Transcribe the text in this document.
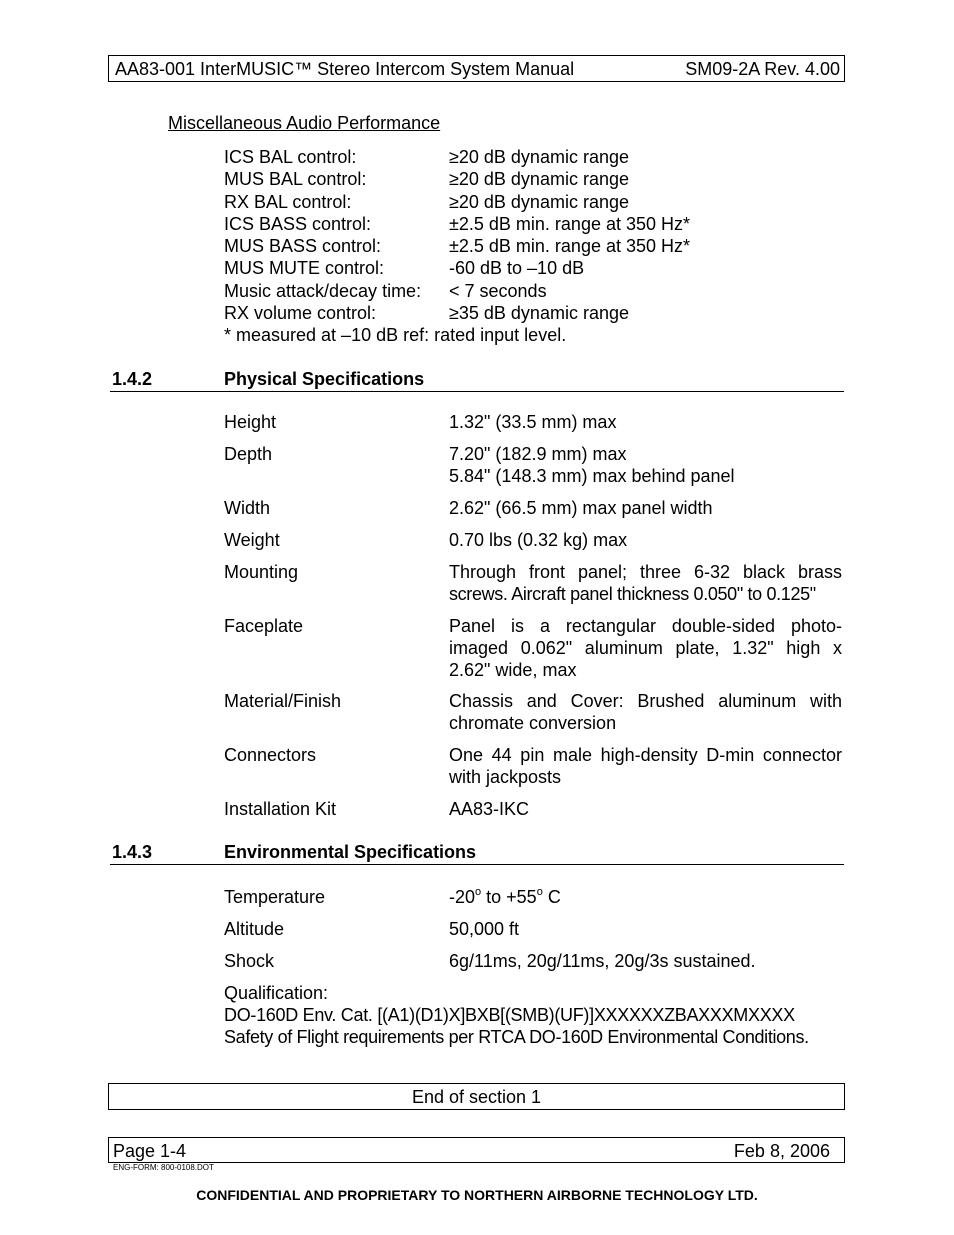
AA83-001 InterMUSIC™ Stereo Intercom System Manual	SM09-2A Rev. 4.00
Miscellaneous Audio Performance
ICS BAL control:	≥20 dB dynamic range
MUS BAL control:	≥20 dB dynamic range
RX BAL control:	≥20 dB dynamic range
ICS BASS control:	±2.5 dB min. range at 350 Hz*
MUS BASS control:	±2.5 dB min. range at 350 Hz*
MUS MUTE control:	-60 dB to –10 dB
Music attack/decay time: < 7 seconds
RX volume control:	≥35 dB dynamic range
* measured at –10 dB ref: rated input level.
1.4.2	Physical Specifications
Height	1.32" (33.5 mm) max
Depth	7.20" (182.9 mm) max
5.84" (148.3 mm) max behind panel
Width	2.62" (66.5 mm) max panel width
Weight	0.70 lbs (0.32 kg) max
Mounting	Through front panel; three 6-32 black brass
screws. Aircraft panel thickness 0.050" to 0.125"
Faceplate	Panel is a rectangular double-sided photo-
imaged 0.062" aluminum plate, 1.32" high x
2.62" wide, max
Material/Finish	Chassis and Cover: Brushed aluminum with
chromate conversion
Connectors	One 44 pin male high-density D-min connector
with jackposts
Installation Kit	AA83-IKC
1.4.3	Environmental Specifications
Temperature	-20$^o$ to $+55^o$ C
Altitude	50,000 ft
Shock	6g/11ms, 20g/11ms, 20g/3s sustained.
Qualification:
DO-160D Env. Cat. [(A1)(D1)X]BXB[(SMB)(UF)]XXXXXXZBAXXXMXXXX
Safety of Flight requirements per RTCA DO-160D Environmental Conditions.
End of section 1
Page 1-4	Feb 8, 2006
ENG-FORM: 800-0108.DOT
CONFIDENTIAL AND PROPRIETARY TO NORTHERN AIRBORNE TECHNOLOGY LTD.
